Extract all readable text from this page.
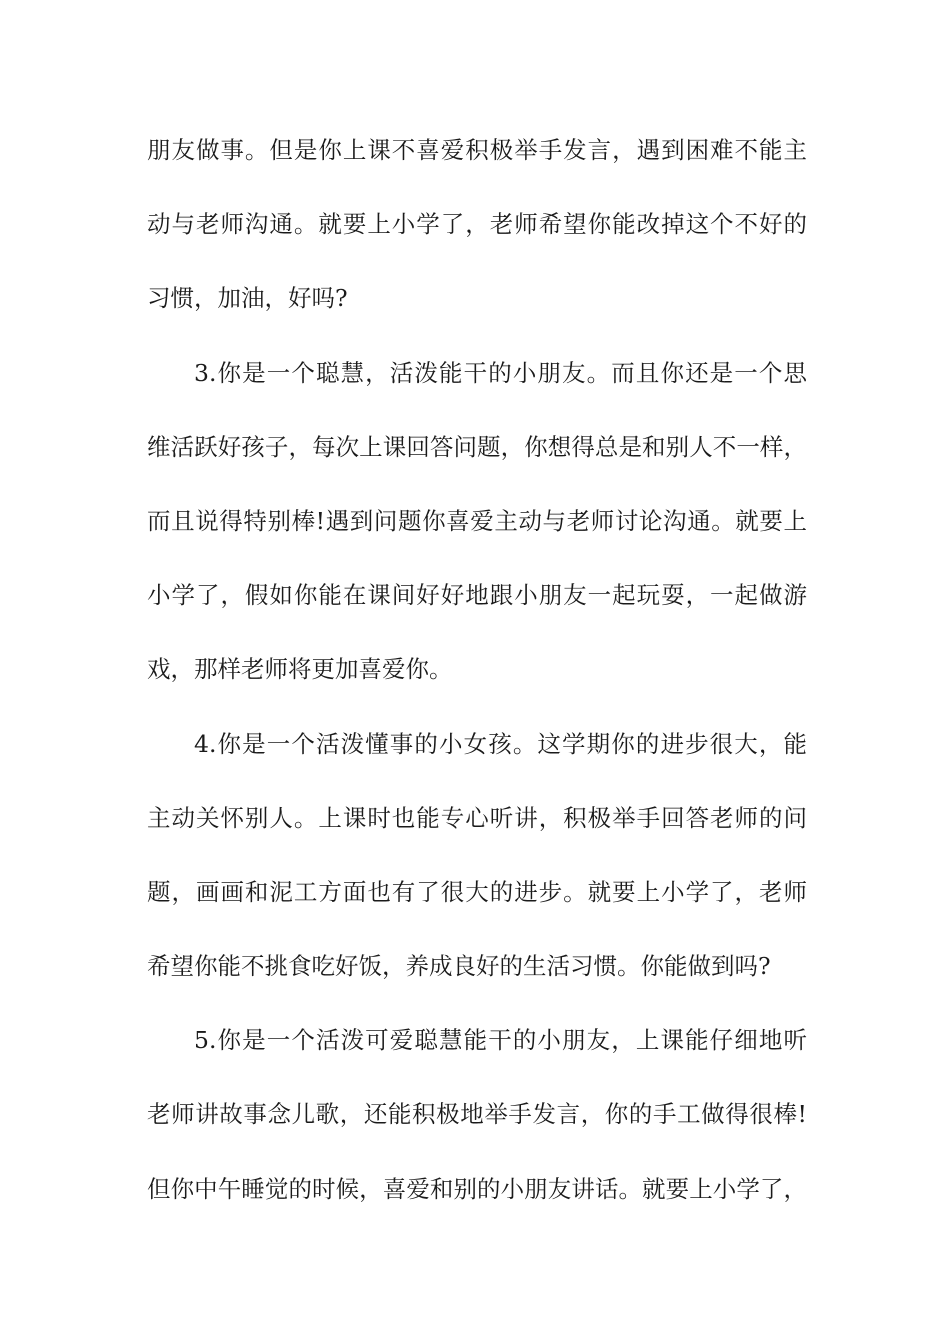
朋友做事。但是你上课不喜爱积极举手发言，遇到困难不能主
动与老师沟通。就要上小学了，老师希望你能改掉这个不好的
习惯，加油，好吗?
3.你是一个聪慧，活泼能干的小朋友。而且你还是一个思
维活跃好孩子，每次上课回答问题，你想得总是和别人不一样，
而且说得特别棒!遇到问题你喜爱主动与老师讨论沟通。就要上
小学了，假如你能在课间好好地跟小朋友一起玩耍，一起做游
戏，那样老师将更加喜爱你。
4.你是一个活泼懂事的小女孩。这学期你的进步很大，能
主动关怀别人。上课时也能专心听讲，积极举手回答老师的问
题，画画和泥工方面也有了很大的进步。就要上小学了，老师
希望你能不挑食吃好饭，养成良好的生活习惯。你能做到吗?
5.你是一个活泼可爱聪慧能干的小朋友，上课能仔细地听
老师讲故事念儿歌，还能积极地举手发言，你的手工做得很棒!
但你中午睡觉的时候，喜爱和别的小朋友讲话。就要上小学了，
